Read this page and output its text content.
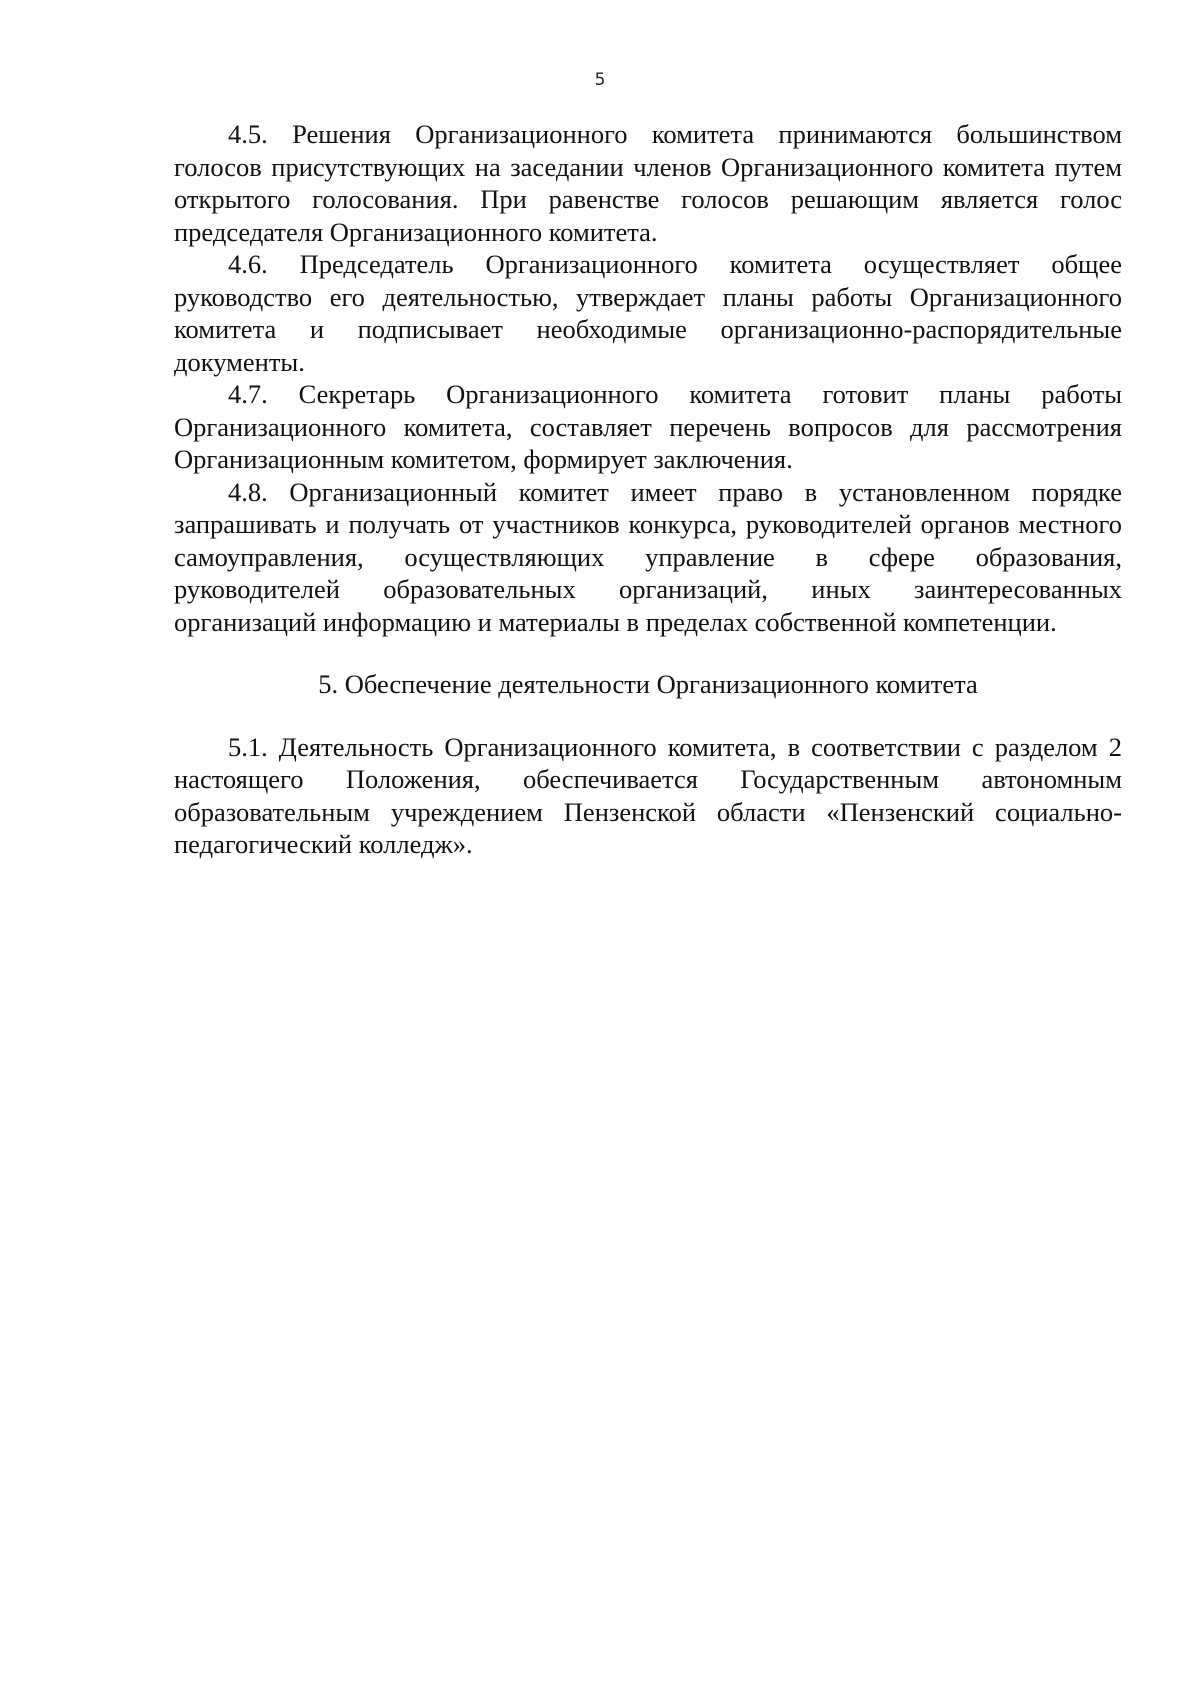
5

4.5. Решения Организационного комитета принимаются большинством голосов присутствующих на заседании членов Организационного комитета путем открытого голосования. При равенстве голосов решающим является голос председателя Организационного комитета.

4.6. Председатель Организационного комитета осуществляет общее руководство его деятельностью, утверждает планы работы Организационного комитета и подписывает необходимые организационно-распорядительные документы.

4.7. Секретарь Организационного комитета готовит планы работы Организационного комитета, составляет перечень вопросов для рассмотрения Организационным комитетом, формирует заключения.

4.8. Организационный комитет имеет право в установленном порядке запрашивать и получать от участников конкурса, руководителей органов местного самоуправления, осуществляющих управление в сфере образования, руководителей образовательных организаций, иных заинтересованных организаций информацию и материалы в пределах собственной компетенции.

5. Обеспечение деятельности Организационного комитета

5.1. Деятельность Организационного комитета, в соответствии с разделом 2 настоящего Положения, обеспечивается Государственным автономным образовательным учреждением Пензенской области «Пензенский социально-педагогический колледж».
